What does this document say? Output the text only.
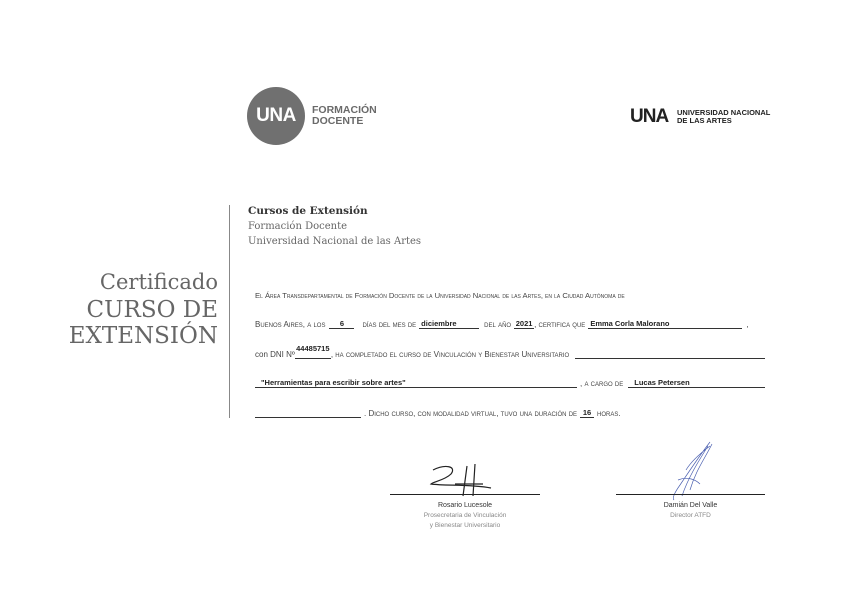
UNA	FORMACIÓN
DOCENTE	UNA UNIVERSIDAD NACIONAL
DE LAS ARTES
Cursos de Extensión
Formación Docente
Universidad Nacional de las Artes
Certificado
CURSO DE
EXTENSIÓN
El Área Transdepartamental de Formación Docente de la Universidad Nacional de las Artes, en la Ciudad Autónoma de
Buenos Aires, a los	6	días del mes de diciembre	del año 2021 , certifica que Emma Corla Malorano	,
con DNI Nº
44485715
, ha completado el curso de Vinculación y Bienestar Universitario
"Herramientas para escribir sobre artes"	, a cargo de	Lucas Petersen
. Dicho curso, con modalidad virtual, tuvo una duración de 16 horas.
Rosario Lucesole
Prosecretaria de Vinculación
y Bienestar Universitario
Damián Del Valle
Director ATFD
